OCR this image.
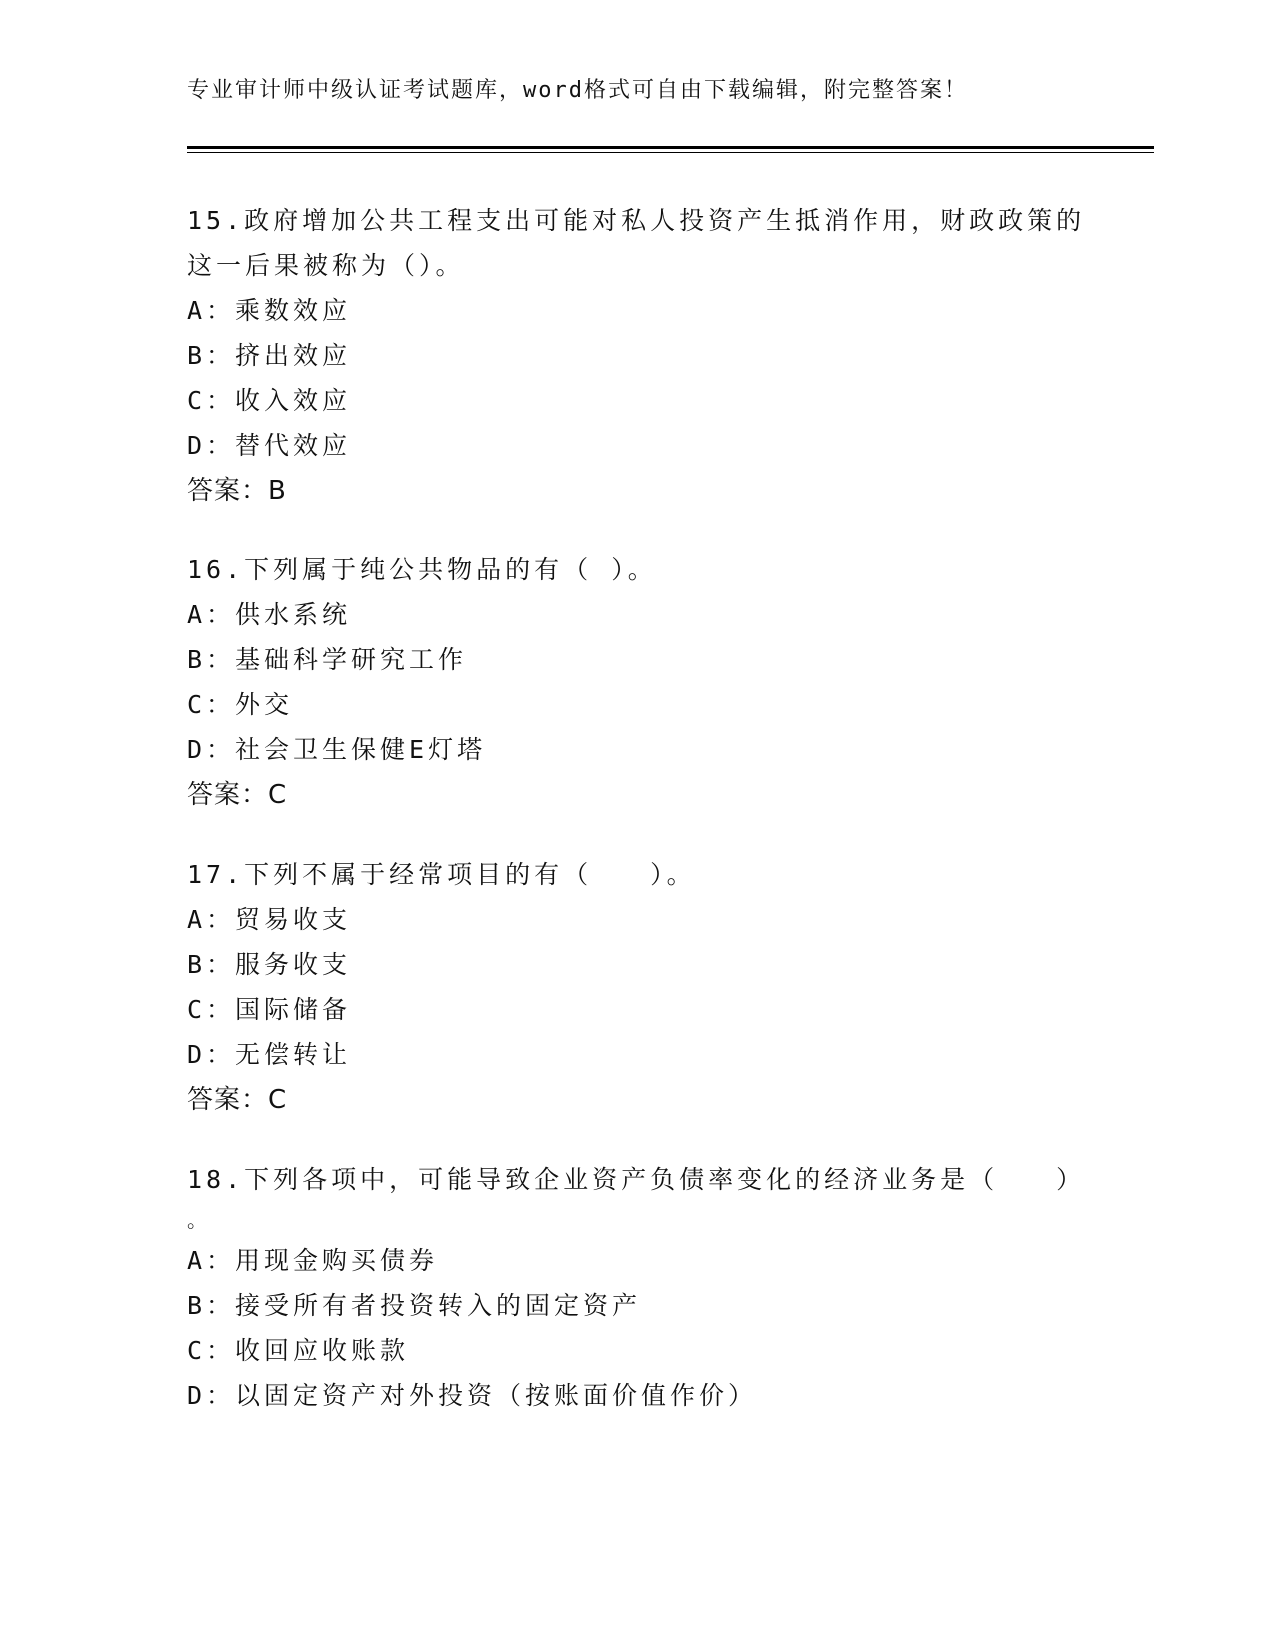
专业审计师中级认证考试题库，word格式可自由下载编辑，附完整答案！
15.政府增加公共工程支出可能对私人投资产生抵消作用，财政政策的
这一后果被称为（）。
A：乘数效应
B：挤出效应
C：收入效应
D：替代效应
答案：B
16.下列属于纯公共物品的有（ ）。
A：供水系统
B：基础科学研究工作
C：外交
D：社会卫生保健E灯塔
答案：C
17.下列不属于经常项目的有（　　）。
A：贸易收支
B：服务收支
C：国际储备
D：无偿转让
答案：C
18.下列各项中，可能导致企业资产负债率变化的经济业务是（　　）
。
A：用现金购买债券
B：接受所有者投资转入的固定资产
C：收回应收账款
D：以固定资产对外投资（按账面价值作价）
